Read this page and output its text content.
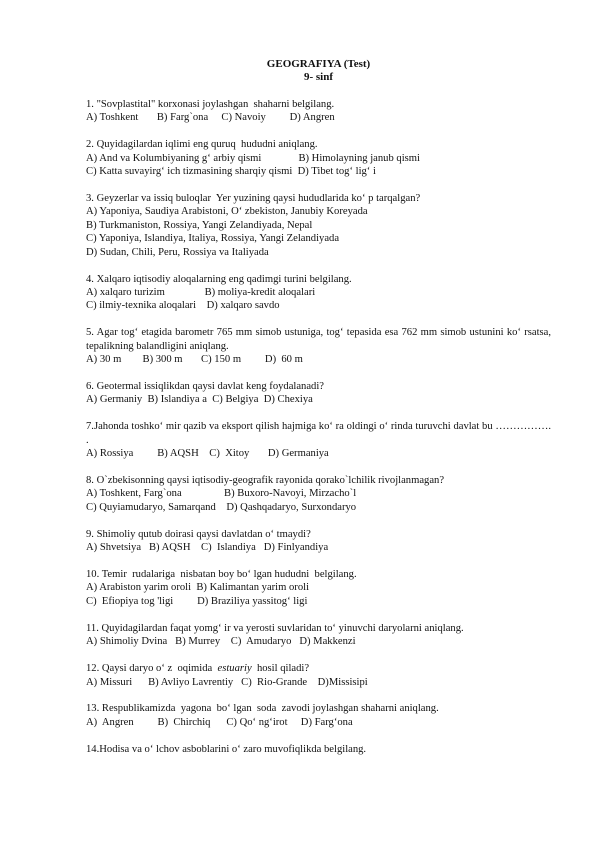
GEOGRAFIYA (Test)
9- sinf
1. "Sovplastital" korxonasi joylashgan  shaharni belgilang.
A) Toshkent       B) Farg`ona     C) Navoiy         D) Angren
2. Quyidagilardan iqlimi eng quruq  hududni aniqlang.
A) And va Kolumbiyaning g‘ arbiy qismi              B) Himolayning janub qismi
C) Katta suvayirg‘ ich tizmasining sharqiy qismi  D) Tibet tog‘ lig‘ i
3. Geyzerlar va issiq buloqlar  Yer yuzining qaysi hududlarida ko‘ p tarqalgan?
A) Yaponiya, Saudiya Arabistoni, O‘ zbekiston, Janubiy Koreyada
B) Turkmaniston, Rossiya, Yangi Zelandiyada, Nepal
C) Yaponiya, Islandiya, Italiya, Rossiya, Yangi Zelandiyada
D) Sudan, Chili, Peru, Rossiya va Italiyada
4. Xalqaro iqtisodiy aloqalarning eng qadimgi turini belgilang.
A) xalqaro turizim               B) moliya-kredit aloqalari
C) ilmiy-texnika aloqalari    D) xalqaro savdo
5. Agar tog‘ etagida barometr 765 mm simob ustuniga, tog‘ tepasida esa 762 mm simob ustunini ko‘ rsatsa, tepalikning balandligini aniqlang.
A) 30 m        B) 300 m       C) 150 m         D)  60 m
6. Geotermal issiqlikdan qaysi davlat keng foydalanadi?
A) Germaniy  B) Islandiya a  C) Belgiya  D) Chexiya
7.Jahonda toshko‘ mir qazib va eksport qilish hajmiga ko‘ ra oldingi o‘ rinda turuvchi davlat bu ……………. .
A) Rossiya         B) AQSH    C)  Xitoy       D) Germaniya
8. O`zbekisonning qaysi iqtisodiy-geografik rayonida qorako`lchilik rivojlanmagan?
A) Toshkent, Farg`ona                B) Buxoro-Navoyi, Mirzacho`l
C) Quyiamudaryo, Samarqand    D) Qashqadaryo, Surxondaryo
9. Shimoliy qutub doirasi qaysi davlatdan o‘ tmaydi?
A) Shvetsiya   B) AQSH    C)  Islandiya   D) Finlyandiya
10. Temir  rudalariga  nisbatan boy bo‘ lgan hududni  belgilang.
A) Arabiston yarim oroli  B) Kalimantan yarim oroli
C)  Efiopiya tog 'ligi         D) Braziliya yassitog‘ ligi
11. Quyidagilardan faqat yomg‘ ir va yerosti suvlaridan to‘ yinuvchi daryolarni aniqlang.
A) Shimoliy Dvina   B) Murrey    C)  Amudaryo   D) Makkenzi
12. Qaysi daryo o‘ z  oqimida  estuariy  hosil qiladi?
A) Missuri      B) Avliyo Lavrentiy   C)  Rio-Grande    D)Missisipi
13. Respublikamizda  yagona  bo‘ lgan  soda  zavodi joylashgan shaharni aniqlang.
A)  Angren         B)  Chirchiq      C) Qo‘ ng‘irot     D) Farg‘ona
14.Hodisa va o‘ lchov asboblarini o‘ zaro muvofiqlikda belgilang.
